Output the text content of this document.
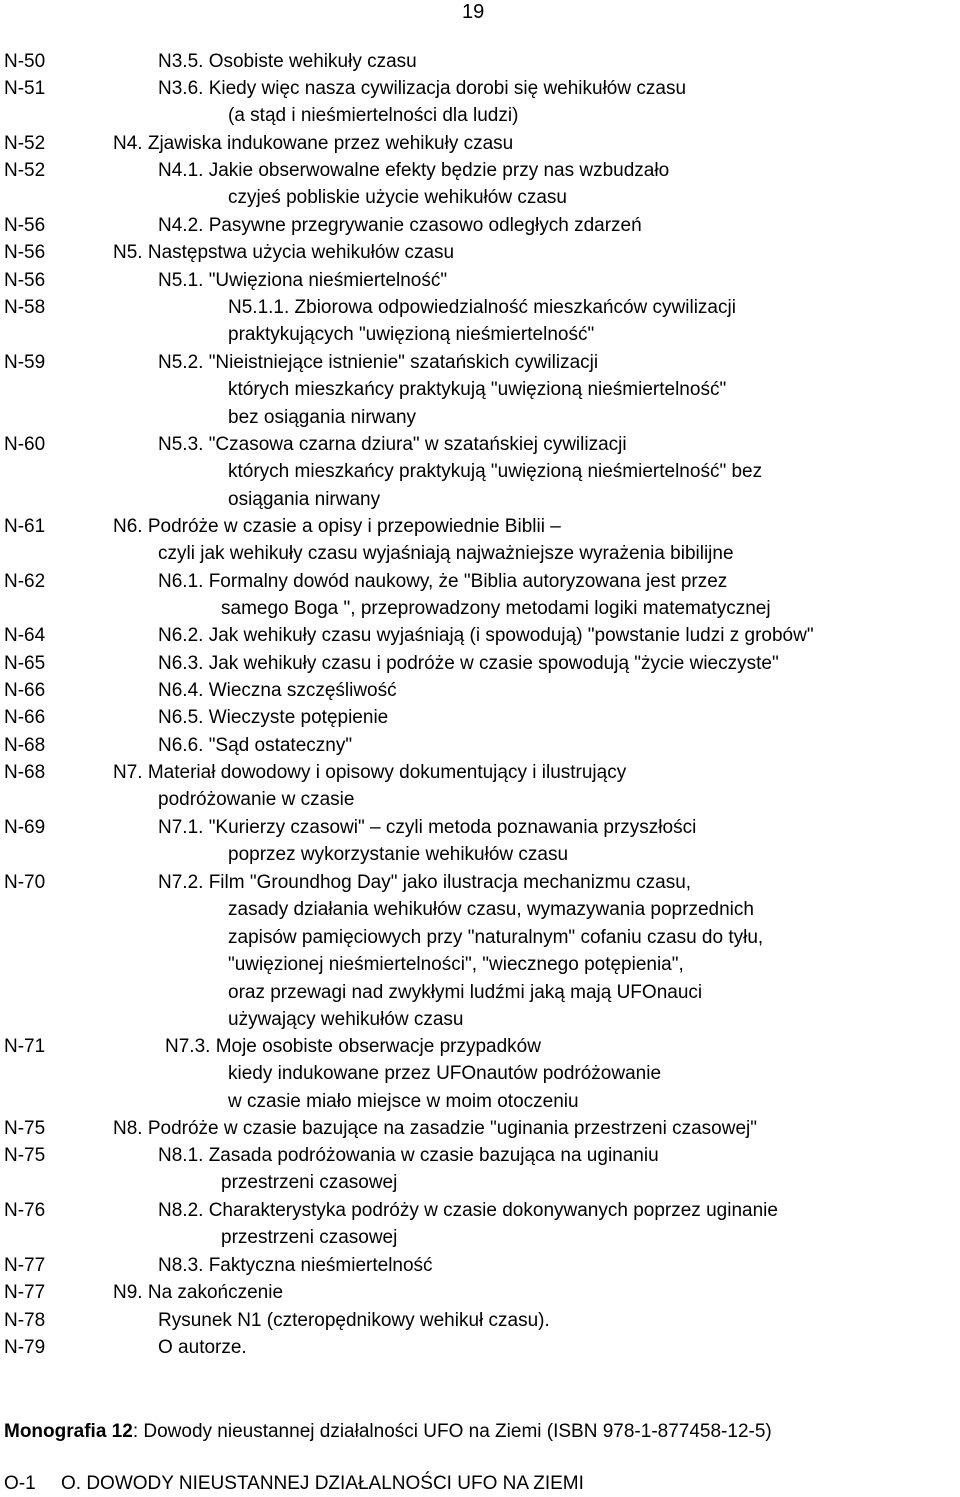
19
N-50	N3.5. Osobiste wehikuły czasu
N-51	N3.6. Kiedy więc nasza cywilizacja dorobi się wehikułów czasu
(a stąd i nieśmiertelności dla ludzi)
N-52	N4. Zjawiska indukowane przez wehikuły czasu
N-52	N4.1. Jakie obserwowalne efekty będzie przy nas wzbudzało
czyjeś pobliskie użycie wehikułów czasu
N-56	N4.2. Pasywne przegrywanie czasowo odległych zdarzeń
N-56	N5. Następstwa użycia wehikułów czasu
N-56	N5.1. "Uwięziona nieśmiertelność"
N-58	N5.1.1. Zbiorowa odpowiedzialność mieszkańców cywilizacji
praktykujących "uwięzioną nieśmiertelność"
N-59	N5.2. "Nieistniejące istnienie" szatańskich cywilizacji
których mieszkańcy praktykują "uwięzioną nieśmiertelność"
bez osiągania nirwany
N-60	N5.3. "Czasowa czarna dziura" w szatańskiej cywilizacji
których mieszkańcy praktykują "uwięzioną nieśmiertelność" bez
osiągania nirwany
N-61	N6. Podróże w czasie a opisy i przepowiednie Biblii –
czyli jak wehikuły czasu wyjaśniają najważniejsze wyrażenia bibilijne
N-62	N6.1. Formalny dowód naukowy, że "Biblia autoryzowana jest przez
samego Boga ", przeprowadzony metodami logiki matematycznej
N-64	N6.2. Jak wehikuły czasu wyjaśniają (i spowodują) "powstanie ludzi z grobów"
N-65	N6.3. Jak wehikuły czasu i podróże w czasie spowodują "życie wieczyste"
N-66	N6.4. Wieczna szczęśliwość
N-66	N6.5. Wieczyste potępienie
N-68	N6.6. "Sąd ostateczny"
N-68	N7. Materiał dowodowy i opisowy dokumentujący i ilustrujący
podróżowanie w czasie
N-69	N7.1. "Kurierzy czasowi" – czyli metoda poznawania przyszłości
poprzez wykorzystanie wehikułów czasu
N-70	N7.2. Film "Groundhog Day" jako ilustracja mechanizmu czasu,
zasady działania wehikułów czasu, wymazywania poprzednich
zapisów pamięciowych przy "naturalnym" cofaniu czasu do tyłu,
"uwięzionej nieśmiertelności", "wiecznego potępienia",
oraz przewagi nad zwykłymi ludźmi jaką mają UFOnauci
używający wehikułów czasu
N-71	N7.3. Moje osobiste obserwacje przypadków
kiedy indukowane przez UFOnautów podróżowanie
w czasie miało miejsce w moim otoczeniu
N-75	N8. Podróże w czasie bazujące na zasadzie "uginania przestrzeni czasowej"
N-75	N8.1. Zasada podróżowania w czasie bazująca na uginaniu
przestrzeni czasowej
N-76	N8.2. Charakterystyka podróży w czasie dokonywanych poprzez uginanie
przestrzeni czasowej
N-77	N8.3. Faktyczna nieśmiertelność
N-77	N9. Na zakończenie
N-78	Rysunek N1 (czteropędnikowy wehikuł czasu).
N-79	O autorze.
Monografia 12: Dowody nieustannej działalności UFO na Ziemi (ISBN 978-1-877458-12-5)
O-1 O. DOWODY NIEUSTANNEJ DZIAŁALNOŚCI UFO NA ZIEMI
